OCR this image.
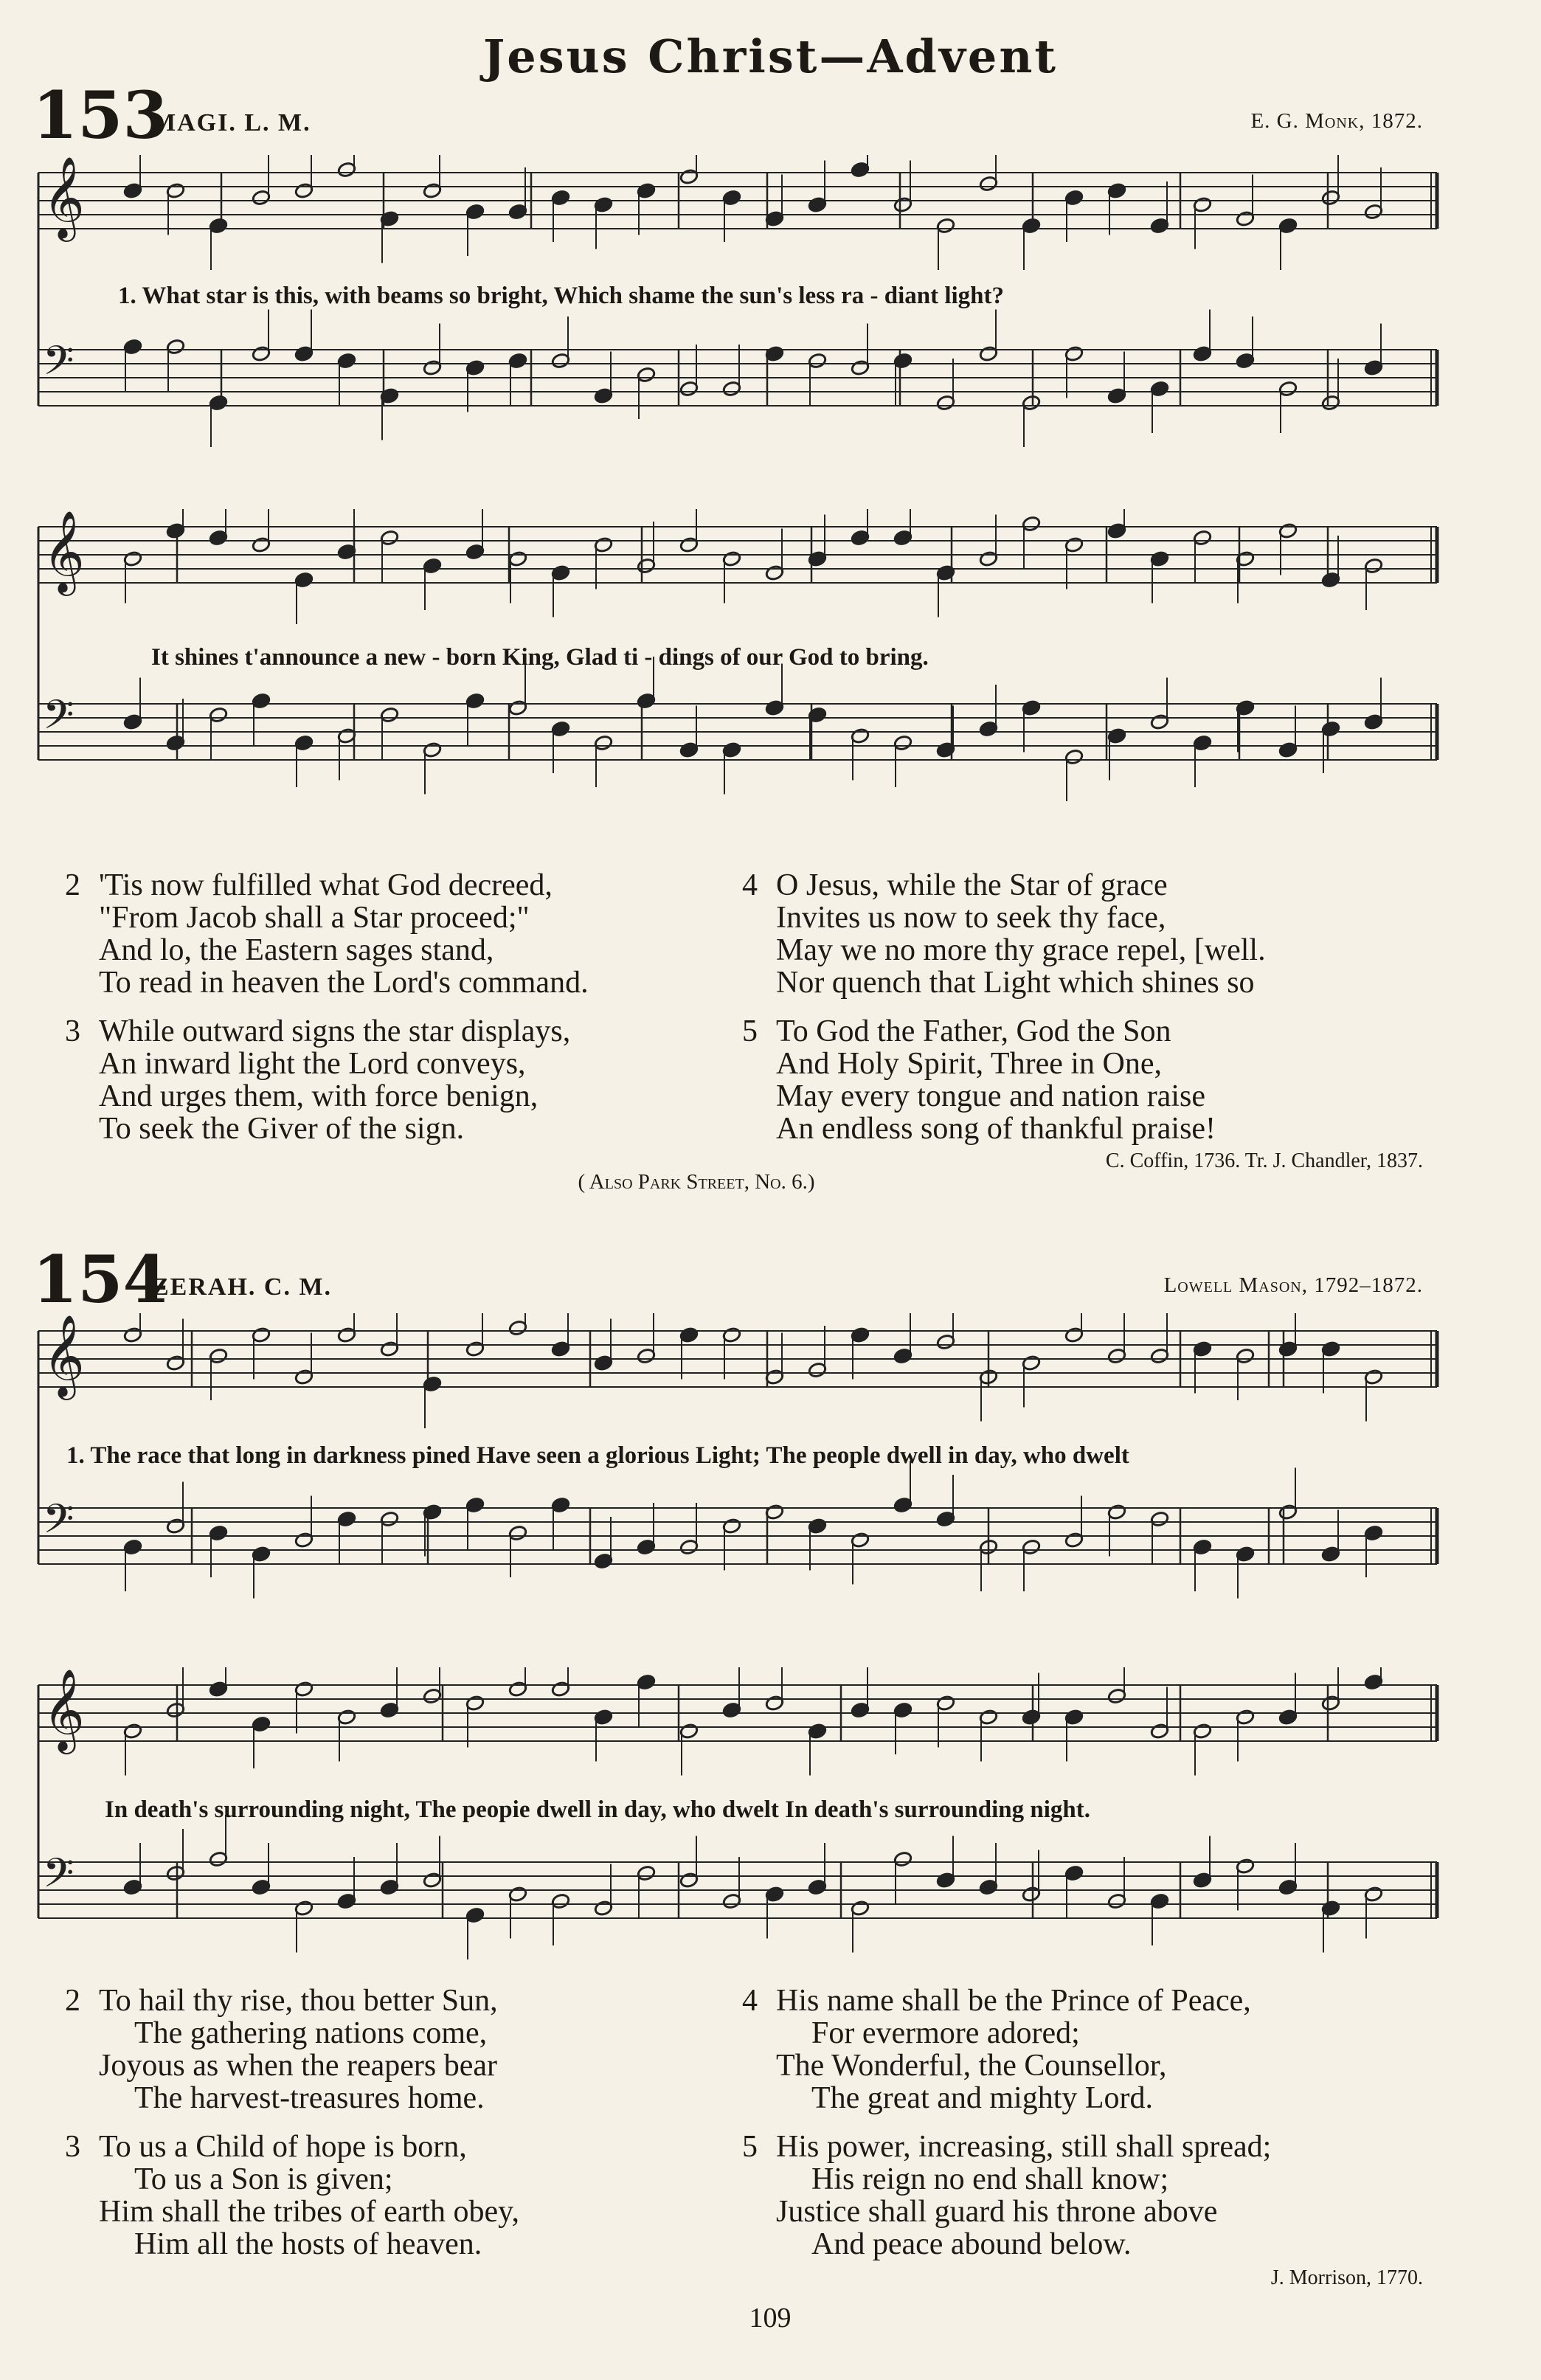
Jesus Christ—Advent
153
MAGI. L. M.	E. G. Monk, 1872.
𝄞
𝄢
1. What star is this, with beams so bright, Which shame the sun's less ra - diant light?
𝄞
𝄢
It shines t'announce a new - born King, Glad ti - dings of our God to bring.
2 'Tis now fulfilled what God decreed,
"From Jacob shall a Star proceed;"
And lo, the Eastern sages stand,
To read in heaven the Lord's command.
3 While outward signs the star displays,
An inward light the Lord conveys,
And urges them, with force benign,
To seek the Giver of the sign.
4 O Jesus, while the Star of grace
Invites us now to seek thy face,
May we no more thy grace repel, [well.
Nor quench that Light which shines so
5 To God the Father, God the Son
And Holy Spirit, Three in One,
May every tongue and nation raise
An endless song of thankful praise!
C. Coffin, 1736. Tr. J. Chandler, 1837.
( Also Park Street, No. 6.)
154
ZERAH. C. M.	Lowell Mason, 1792–1872.
𝄞
𝄢
1. The race that long in darkness pined Have seen a glorious Light; The people dwell in day, who dwelt
𝄞
𝄢
In death's surrounding night, The peopie dwell in day, who dwelt In death's surrounding night.
2 To hail thy rise, thou better Sun,
The gathering nations come,
Joyous as when the reapers bear
The harvest-treasures home.
3 To us a Child of hope is born,
To us a Son is given;
Him shall the tribes of earth obey,
Him all the hosts of heaven.
4 His name shall be the Prince of Peace,
For evermore adored;
The Wonderful, the Counsellor,
The great and mighty Lord.
5 His power, increasing, still shall spread;
His reign no end shall know;
Justice shall guard his throne above
And peace abound below.
J. Morrison, 1770.
109
